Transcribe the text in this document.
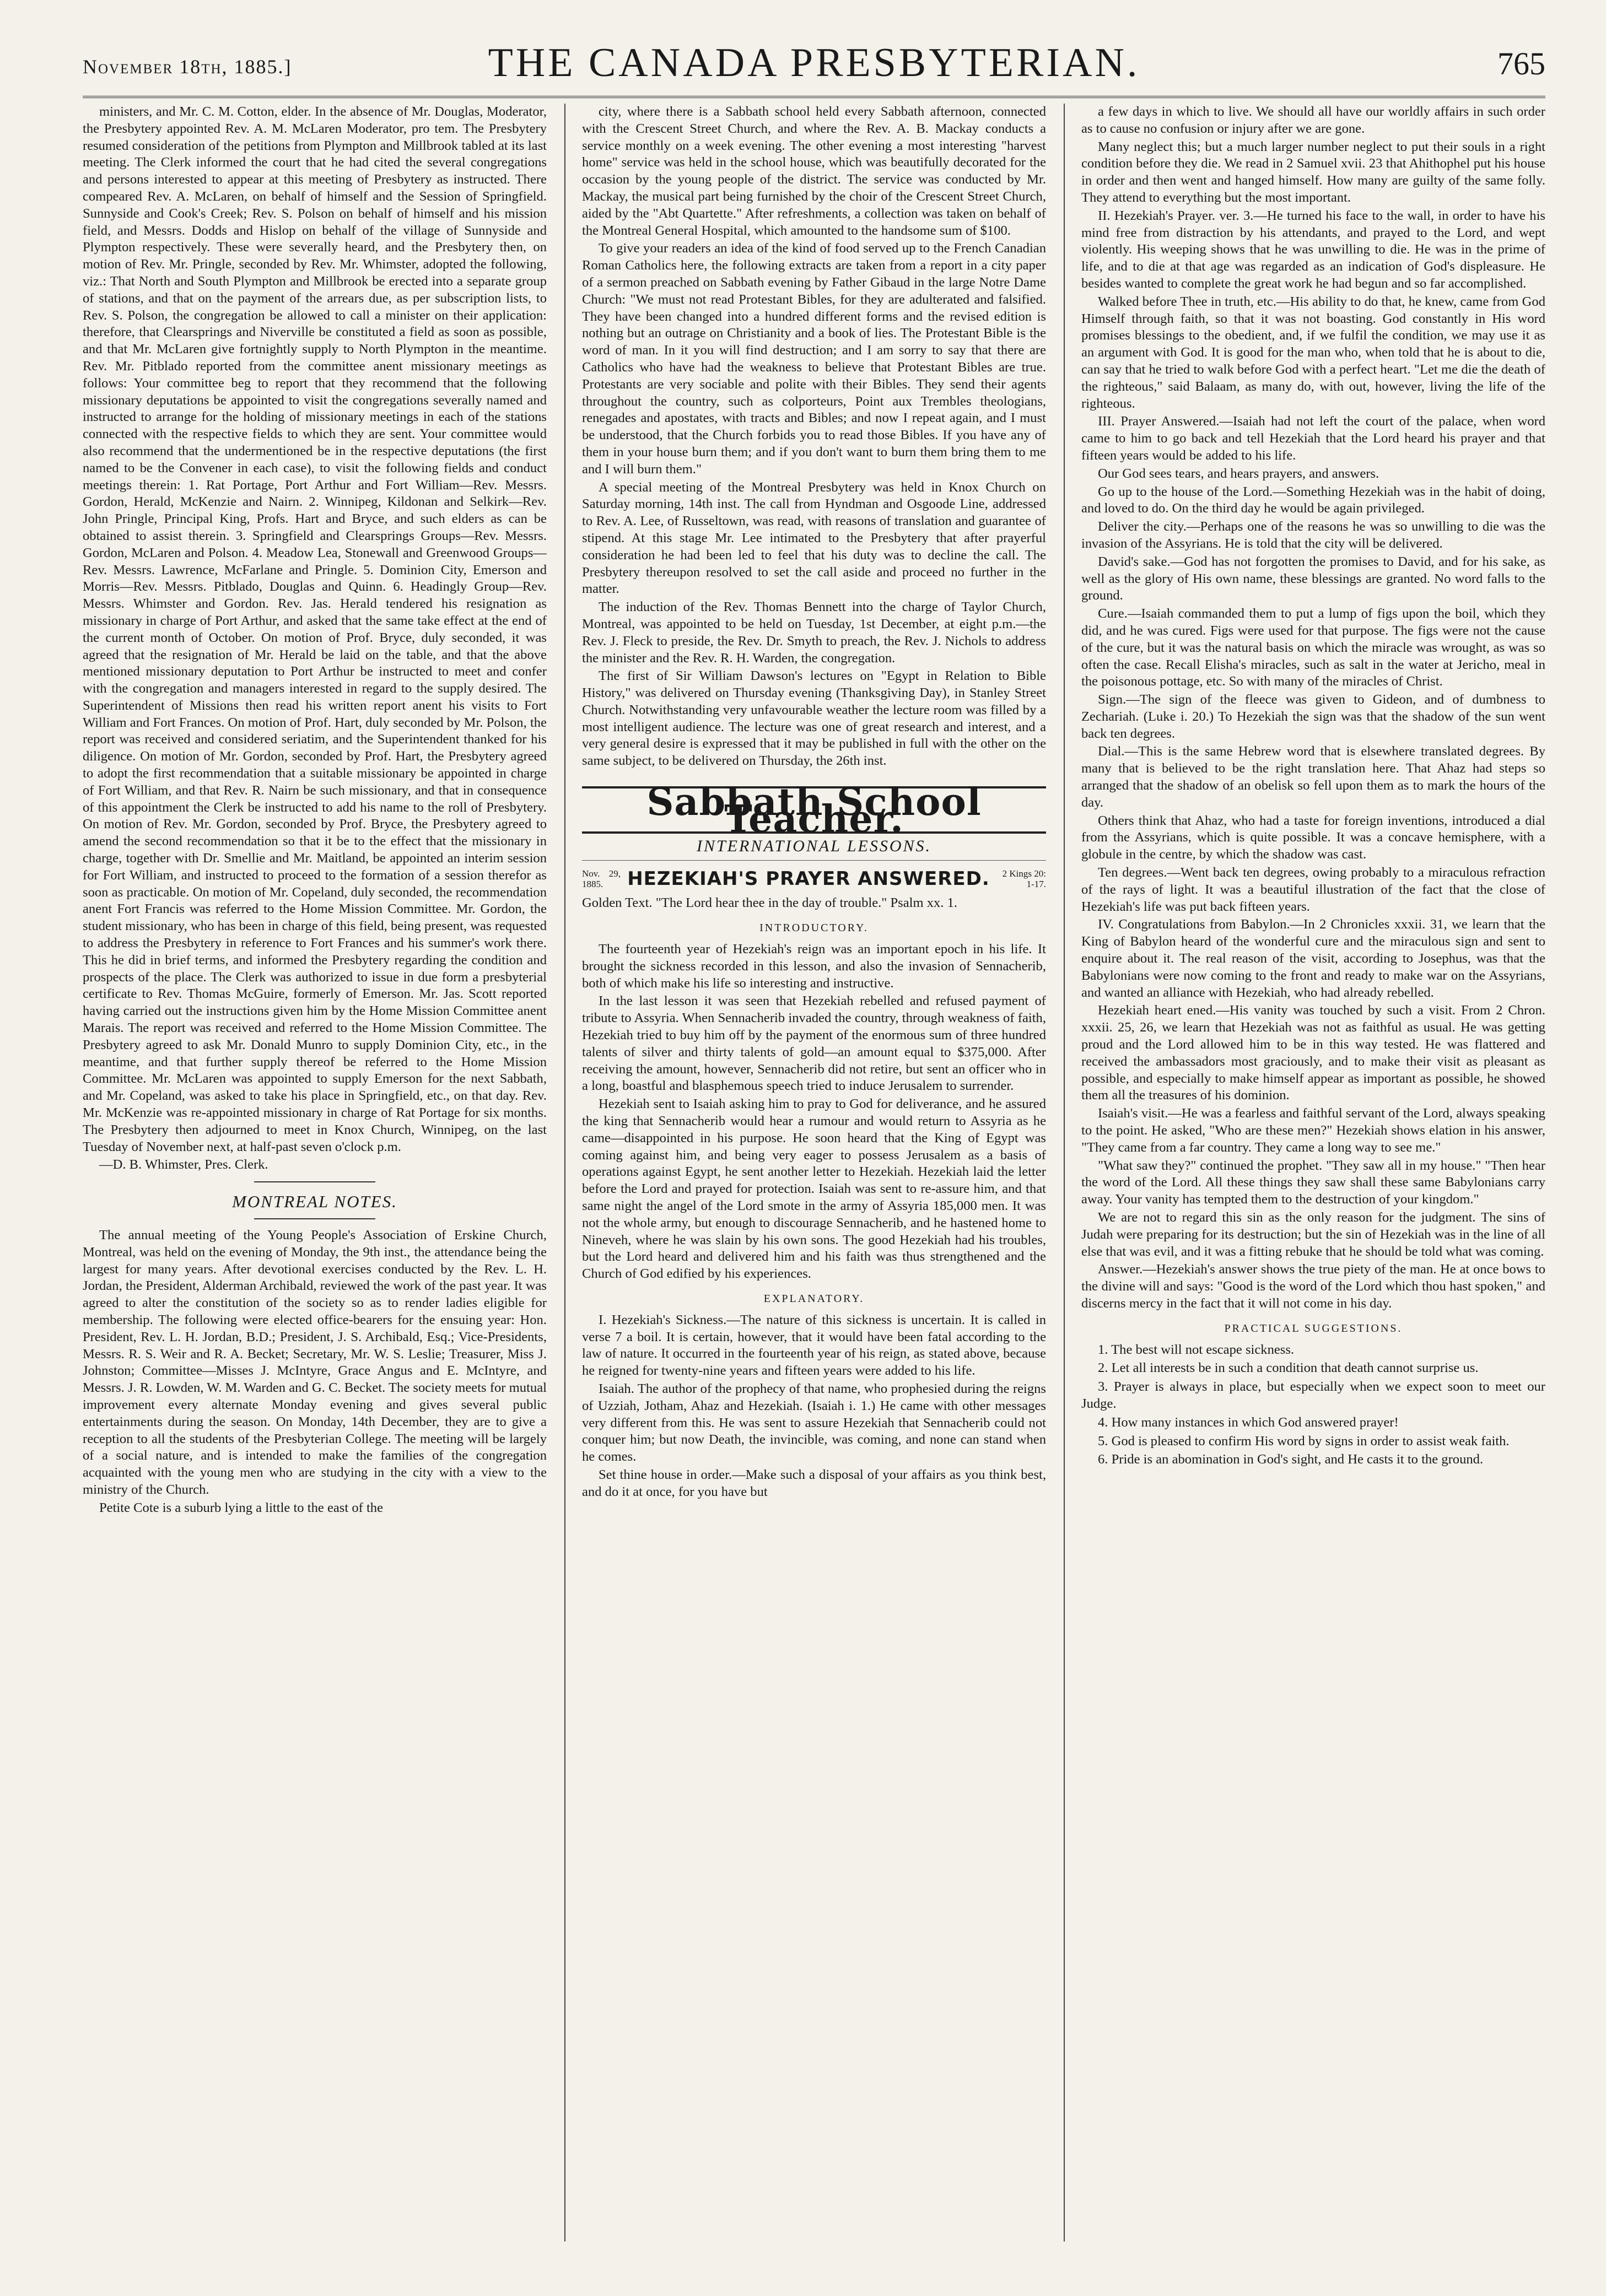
November 18th, 1885.]	THE CANADA PRESBYTERIAN.	765

ministers, and Mr. C. M. Cotton, elder. In the absence of Mr. Douglas, Moderator, the Presbytery appointed Rev. A. M. McLaren Moderator, pro tem. The Presbytery resumed consideration of the petitions from Plympton and Millbrook tabled at its last meeting. The Clerk informed the court that he had cited the several congregations and persons interested to appear at this meeting of Presbytery as instructed. There compeared Rev. A. McLaren, on behalf of himself and the Session of Springfield. Sunnyside and Cook's Creek; Rev. S. Polson on behalf of himself and his mission field, and Messrs. Dodds and Hislop on behalf of the village of Sunnyside and Plympton respectively. These were severally heard, and the Presbytery then, on motion of Rev. Mr. Pringle, seconded by Rev. Mr. Whimster, adopted the following, viz.: That North and South Plympton and Millbrook be erected into a separate group of stations, and that on the payment of the arrears due, as per subscription lists, to Rev. S. Polson, the congregation be allowed to call a minister on their application: therefore, that Clearsprings and Niverville be constituted a field as soon as possible, and that Mr. McLaren give fortnightly supply to North Plympton in the meantime. Rev. Mr. Pitblado reported from the committee anent missionary meetings as follows: Your committee beg to report that they recommend that the following missionary deputations be appointed to visit the congregations severally named and instructed to arrange for the holding of missionary meetings in each of the stations connected with the respective fields to which they are sent. Your committee would also recommend that the undermentioned be in the respective deputations (the first named to be the Convener in each case), to visit the following fields and conduct meetings therein: 1. Rat Portage, Port Arthur and Fort William—Rev. Messrs. Gordon, Herald, McKenzie and Nairn. 2. Winnipeg, Kildonan and Selkirk—Rev. John Pringle, Principal King, Profs. Hart and Bryce, and such elders as can be obtained to assist therein. 3. Springfield and Clearsprings Groups—Rev. Messrs. Gordon, McLaren and Polson. 4. Meadow Lea, Stonewall and Greenwood Groups—Rev. Messrs. Lawrence, McFarlane and Pringle. 5. Dominion City, Emerson and Morris—Rev. Messrs. Pitblado, Douglas and Quinn. 6. Headingly Group—Rev. Messrs. Whimster and Gordon. Rev. Jas. Herald tendered his resignation as missionary in charge of Port Arthur, and asked that the same take effect at the end of the current month of October. On motion of Prof. Bryce, duly seconded, it was agreed that the resignation of Mr. Herald be laid on the table, and that the above mentioned missionary deputation to Port Arthur be instructed to meet and confer with the congregation and managers interested in regard to the supply desired. The Superintendent of Missions then read his written report anent his visits to Fort William and Fort Frances. On motion of Prof. Hart, duly seconded by Mr. Polson, the report was received and considered seriatim, and the Superintendent thanked for his diligence. On motion of Mr. Gordon, seconded by Prof. Hart, the Presbytery agreed to adopt the first recommendation that a suitable missionary be appointed in charge of Fort William, and that Rev. R. Nairn be such missionary, and that in consequence of this appointment the Clerk be instructed to add his name to the roll of Presbytery. On motion of Rev. Mr. Gordon, seconded by Prof. Bryce, the Presbytery agreed to amend the second recommendation so that it be to the effect that the missionary in charge, together with Dr. Smellie and Mr. Maitland, be appointed an interim session for Fort William, and instructed to proceed to the formation of a session therefor as soon as practicable. On motion of Mr. Copeland, duly seconded, the recommendation anent Fort Francis was referred to the Home Mission Committee. Mr. Gordon, the student missionary, who has been in charge of this field, being present, was requested to address the Presbytery in reference to Fort Frances and his summer's work there. This he did in brief terms, and informed the Presbytery regarding the condition and prospects of the place. The Clerk was authorized to issue in due form a presbyterial certificate to Rev. Thomas McGuire, formerly of Emerson. Mr. Jas. Scott reported having carried out the instructions given him by the Home Mission Committee anent Marais. The report was received and referred to the Home Mission Committee. The Presbytery agreed to ask Mr. Donald Munro to supply Dominion City, etc., in the meantime, and that further supply thereof be referred to the Home Mission Committee. Mr. McLaren was appointed to supply Emerson for the next Sabbath, and Mr. Copeland, was asked to take his place in Springfield, etc., on that day. Rev. Mr. McKenzie was re-appointed missionary in charge of Rat Portage for six months. The Presbytery then adjourned to meet in Knox Church, Winnipeg, on the last Tuesday of November next, at half-past seven o'clock p.m.

—D. B. Whimster, Pres. Clerk.

MONTREAL NOTES.

The annual meeting of the Young People's Association of Erskine Church, Montreal, was held on the evening of Monday, the 9th inst., the attendance being the largest for many years. After devotional exercises conducted by the Rev. L. H. Jordan, the President, Alderman Archibald, reviewed the work of the past year. It was agreed to alter the constitution of the society so as to render ladies eligible for membership. The following were elected office-bearers for the ensuing year: Hon. President, Rev. L. H. Jordan, B.D.; President, J. S. Archibald, Esq.; Vice-Presidents, Messrs. R. S. Weir and R. A. Becket; Secretary, Mr. W. S. Leslie; Treasurer, Miss J. Johnston; Committee—Misses J. McIntyre, Grace Angus and E. McIntyre, and Messrs. J. R. Lowden, W. M. Warden and G. C. Becket. The society meets for mutual improvement every alternate Monday evening and gives several public entertainments during the season. On Monday, 14th December, they are to give a reception to all the students of the Presbyterian College. The meeting will be largely of a social nature, and is intended to make the families of the congregation acquainted with the young men who are studying in the city with a view to the ministry of the Church.

Petite Cote is a suburb lying a little to the east of the

city, where there is a Sabbath school held every Sabbath afternoon, connected with the Crescent Street Church, and where the Rev. A. B. Mackay conducts a service monthly on a week evening. The other evening a most interesting "harvest home" service was held in the school house, which was beautifully decorated for the occasion by the young people of the district. The service was conducted by Mr. Mackay, the musical part being furnished by the choir of the Crescent Street Church, aided by the "Abt Quartette." After refreshments, a collection was taken on behalf of the Montreal General Hospital, which amounted to the handsome sum of $100.

To give your readers an idea of the kind of food served up to the French Canadian Roman Catholics here, the following extracts are taken from a report in a city paper of a sermon preached on Sabbath evening by Father Gibaud in the large Notre Dame Church: "We must not read Protestant Bibles, for they are adulterated and falsified. They have been changed into a hundred different forms and the revised edition is nothing but an outrage on Christianity and a book of lies. The Protestant Bible is the word of man. In it you will find destruction; and I am sorry to say that there are Catholics who have had the weakness to believe that Protestant Bibles are true. Protestants are very sociable and polite with their Bibles. They send their agents throughout the country, such as colporteurs, Point aux Trembles theologians, renegades and apostates, with tracts and Bibles; and now I repeat again, and I must be understood, that the Church forbids you to read those Bibles. If you have any of them in your house burn them; and if you don't want to burn them bring them to me and I will burn them."

A special meeting of the Montreal Presbytery was held in Knox Church on Saturday morning, 14th inst. The call from Hyndman and Osgoode Line, addressed to Rev. A. Lee, of Russeltown, was read, with reasons of translation and guarantee of stipend. At this stage Mr. Lee intimated to the Presbytery that after prayerful consideration he had been led to feel that his duty was to decline the call. The Presbytery thereupon resolved to set the call aside and proceed no further in the matter.

The induction of the Rev. Thomas Bennett into the charge of Taylor Church, Montreal, was appointed to be held on Tuesday, 1st December, at eight p.m.—the Rev. J. Fleck to preside, the Rev. Dr. Smyth to preach, the Rev. J. Nichols to address the minister and the Rev. R. H. Warden, the congregation.

The first of Sir William Dawson's lectures on "Egypt in Relation to Bible History," was delivered on Thursday evening (Thanksgiving Day), in Stanley Street Church. Notwithstanding very unfavourable weather the lecture room was filled by a most intelligent audience. The lecture was one of great research and interest, and a very general desire is expressed that it may be published in full with the other on the same subject, to be delivered on Thursday, the 26th inst.

Sabbath School Teacher.
INTERNATIONAL LESSONS.
Nov. 29, 1885.	HEZEKIAH'S PRAYER ANSWERED.	2 Kings 20: 1-17.

Golden Text. "The Lord hear thee in the day of trouble." Psalm xx. 1.

INTRODUCTORY.

The fourteenth year of Hezekiah's reign was an important epoch in his life. It brought the sickness recorded in this lesson, and also the invasion of Sennacherib, both of which make his life so interesting and instructive.

In the last lesson it was seen that Hezekiah rebelled and refused payment of tribute to Assyria. When Sennacherib invaded the country, through weakness of faith, Hezekiah tried to buy him off by the payment of the enormous sum of three hundred talents of silver and thirty talents of gold—an amount equal to $375,000. After receiving the amount, however, Sennacherib did not retire, but sent an officer who in a long, boastful and blasphemous speech tried to induce Jerusalem to surrender.

Hezekiah sent to Isaiah asking him to pray to God for deliverance, and he assured the king that Sennacherib would hear a rumour and would return to Assyria as he came—disappointed in his purpose. He soon heard that the King of Egypt was coming against him, and being very eager to possess Jerusalem as a basis of operations against Egypt, he sent another letter to Hezekiah. Hezekiah laid the letter before the Lord and prayed for protection. Isaiah was sent to re-assure him, and that same night the angel of the Lord smote in the army of Assyria 185,000 men. It was not the whole army, but enough to discourage Sennacherib, and he hastened home to Nineveh, where he was slain by his own sons. The good Hezekiah had his troubles, but the Lord heard and delivered him and his faith was thus strengthened and the Church of God edified by his experiences.

EXPLANATORY.

I. Hezekiah's Sickness.—The nature of this sickness is uncertain. It is called in verse 7 a boil. It is certain, however, that it would have been fatal according to the law of nature. It occurred in the fourteenth year of his reign, as stated above, because he reigned for twenty-nine years and fifteen years were added to his life.

Isaiah. The author of the prophecy of that name, who prophesied during the reigns of Uzziah, Jotham, Ahaz and Hezekiah. (Isaiah i. 1.) He came with other messages very different from this. He was sent to assure Hezekiah that Sennacherib could not conquer him; but now Death, the invincible, was coming, and none can stand when he comes.

Set thine house in order.—Make such a disposal of your affairs as you think best, and do it at once, for you have but

a few days in which to live. We should all have our worldly affairs in such order as to cause no confusion or injury after we are gone.

Many neglect this; but a much larger number neglect to put their souls in a right condition before they die. We read in 2 Samuel xvii. 23 that Ahithophel put his house in order and then went and hanged himself. How many are guilty of the same folly. They attend to everything but the most important.

II. Hezekiah's Prayer. ver. 3.—He turned his face to the wall, in order to have his mind free from distraction by his attendants, and prayed to the Lord, and wept violently. His weeping shows that he was unwilling to die. He was in the prime of life, and to die at that age was regarded as an indication of God's displeasure. He besides wanted to complete the great work he had begun and so far accomplished.

Walked before Thee in truth, etc.—His ability to do that, he knew, came from God Himself through faith, so that it was not boasting. God constantly in His word promises blessings to the obedient, and, if we fulfil the condition, we may use it as an argument with God. It is good for the man who, when told that he is about to die, can say that he tried to walk before God with a perfect heart. "Let me die the death of the righteous," said Balaam, as many do, with out, however, living the life of the righteous.

III. Prayer Answered.—Isaiah had not left the court of the palace, when word came to him to go back and tell Hezekiah that the Lord heard his prayer and that fifteen years would be added to his life.

Our God sees tears, and hears prayers, and answers.

Go up to the house of the Lord.—Something Hezekiah was in the habit of doing, and loved to do. On the third day he would be again privileged.

Deliver the city.—Perhaps one of the reasons he was so unwilling to die was the invasion of the Assyrians. He is told that the city will be delivered.

David's sake.—God has not forgotten the promises to David, and for his sake, as well as the glory of His own name, these blessings are granted. No word falls to the ground.

Cure.—Isaiah commanded them to put a lump of figs upon the boil, which they did, and he was cured. Figs were used for that purpose. The figs were not the cause of the cure, but it was the natural basis on which the miracle was wrought, as was so often the case. Recall Elisha's miracles, such as salt in the water at Jericho, meal in the poisonous pottage, etc. So with many of the miracles of Christ.

Sign.—The sign of the fleece was given to Gideon, and of dumbness to Zechariah. (Luke i. 20.) To Hezekiah the sign was that the shadow of the sun went back ten degrees.

Dial.—This is the same Hebrew word that is elsewhere translated degrees. By many that is believed to be the right translation here. That Ahaz had steps so arranged that the shadow of an obelisk so fell upon them as to mark the hours of the day.

Others think that Ahaz, who had a taste for foreign inventions, introduced a dial from the Assyrians, which is quite possible. It was a concave hemisphere, with a globule in the centre, by which the shadow was cast.

Ten degrees.—Went back ten degrees, owing probably to a miraculous refraction of the rays of light. It was a beautiful illustration of the fact that the close of Hezekiah's life was put back fifteen years.

IV. Congratulations from Babylon.—In 2 Chronicles xxxii. 31, we learn that the King of Babylon heard of the wonderful cure and the miraculous sign and sent to enquire about it. The real reason of the visit, according to Josephus, was that the Babylonians were now coming to the front and ready to make war on the Assyrians, and wanted an alliance with Hezekiah, who had already rebelled.

Hezekiah heart ened.—His vanity was touched by such a visit. From 2 Chron. xxxii. 25, 26, we learn that Hezekiah was not as faithful as usual. He was getting proud and the Lord allowed him to be in this way tested. He was flattered and received the ambassadors most graciously, and to make their visit as pleasant as possible, and especially to make himself appear as important as possible, he showed them all the treasures of his dominion.

Isaiah's visit.—He was a fearless and faithful servant of the Lord, always speaking to the point. He asked, "Who are these men?" Hezekiah shows elation in his answer, "They came from a far country. They came a long way to see me."

"What saw they?" continued the prophet. "They saw all in my house." "Then hear the word of the Lord. All these things they saw shall these same Babylonians carry away. Your vanity has tempted them to the destruction of your kingdom."

We are not to regard this sin as the only reason for the judgment. The sins of Judah were preparing for its destruction; but the sin of Hezekiah was in the line of all else that was evil, and it was a fitting rebuke that he should be told what was coming.

Answer.—Hezekiah's answer shows the true piety of the man. He at once bows to the divine will and says: "Good is the word of the Lord which thou hast spoken," and discerns mercy in the fact that it will not come in his day.

PRACTICAL SUGGESTIONS.
1. The best will not escape sickness.
2. Let all interests be in such a condition that death cannot surprise us.
3. Prayer is always in place, but especially when we expect soon to meet our Judge.
4. How many instances in which God answered prayer!
5. God is pleased to confirm His word by signs in order to assist weak faith.
6. Pride is an abomination in God's sight, and He casts it to the ground.
